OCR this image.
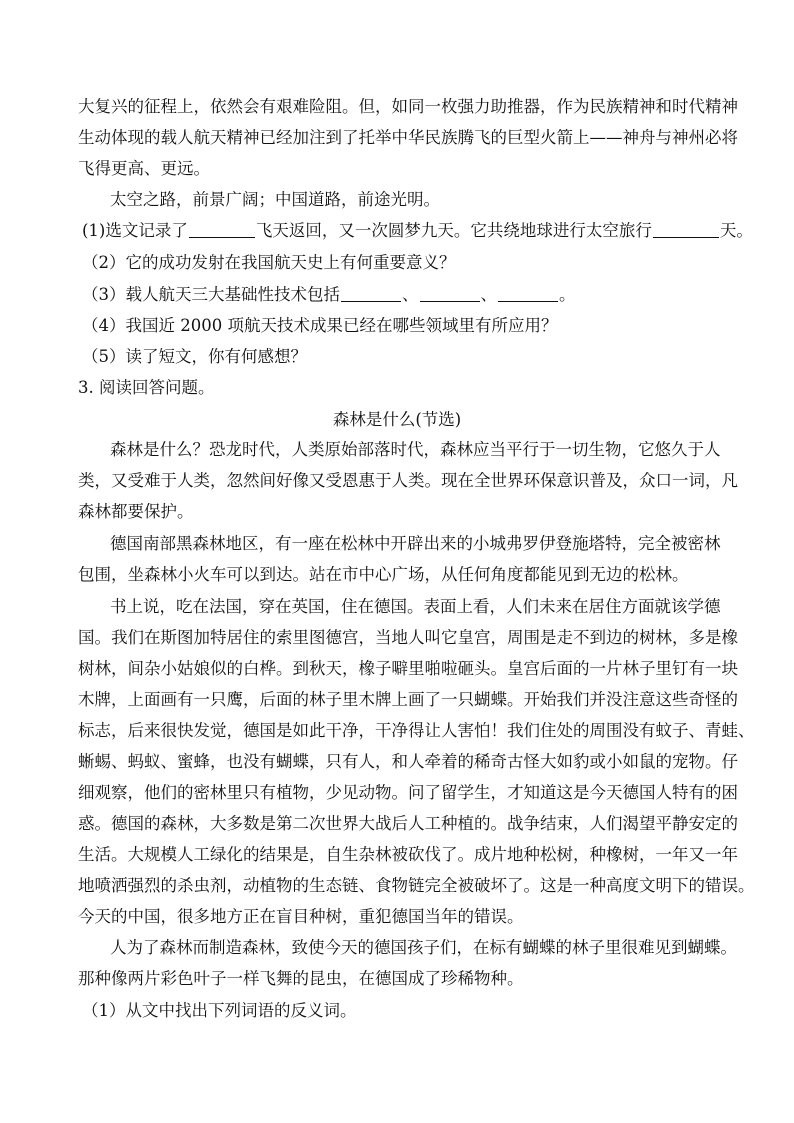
大复兴的征程上，依然会有艰难险阻。但，如同一枚强力助推器，作为民族精神和时代精神
生动体现的载人航天精神已经加注到了托举中华民族腾飞的巨型火箭上——神舟与神州必将
飞得更高、更远。
太空之路，前景广阔；中国道路，前途光明。
(1)选文记录了	飞天返回，又一次圆梦九天。它共绕地球进行太空旅行	天。
（2）它的成功发射在我国航天史上有何重要意义？
（3）载人航天三大基础性技术包括	、	、	。
（4）我国近 2000 项航天技术成果已经在哪些领域里有所应用？
（5）读了短文，你有何感想？
3. 阅读回答问题。
森林是什么(节选)
森林是什么？恐龙时代，人类原始部落时代，森林应当平行于一切生物，它悠久于人
类，又受难于人类，忽然间好像又受恩惠于人类。现在全世界环保意识普及，众口一词，凡
森林都要保护。
德国南部黑森林地区，有一座在松林中开辟出来的小城弗罗伊登施塔特，完全被密林
包围，坐森林小火车可以到达。站在市中心广场，从任何角度都能见到无边的松林。
书上说，吃在法国，穿在英国，住在德国。表面上看，人们未来在居住方面就该学德
国。我们在斯图加特居住的索里图德宫，当地人叫它皇宫，周围是走不到边的树林，多是橡
树林，间杂小姑娘似的白桦。到秋天，橡子噼里啪啦砸头。皇宫后面的一片林子里钉有一块
木牌，上面画有一只鹰，后面的林子里木牌上画了一只蝴蝶。开始我们并没注意这些奇怪的
标志，后来很快发觉，德国是如此干净，干净得让人害怕！我们住处的周围没有蚊子、青蛙、
蜥蜴、蚂蚁、蜜蜂，也没有蝴蝶，只有人，和人牵着的稀奇古怪大如豹或小如鼠的宠物。仔
细观察，他们的密林里只有植物，少见动物。问了留学生，才知道这是今天德国人特有的困
惑。德国的森林，大多数是第二次世界大战后人工种植的。战争结束，人们渴望平静安定的
生活。大规模人工绿化的结果是，自生杂林被砍伐了。成片地种松树，种橡树，一年又一年
地喷洒强烈的杀虫剂，动植物的生态链、食物链完全被破坏了。这是一种高度文明下的错误。
今天的中国，很多地方正在盲目种树，重犯德国当年的错误。
人为了森林而制造森林，致使今天的德国孩子们，在标有蝴蝶的林子里很难见到蝴蝶。
那种像两片彩色叶子一样飞舞的昆虫，在德国成了珍稀物种。
（1）从文中找出下列词语的反义词。
